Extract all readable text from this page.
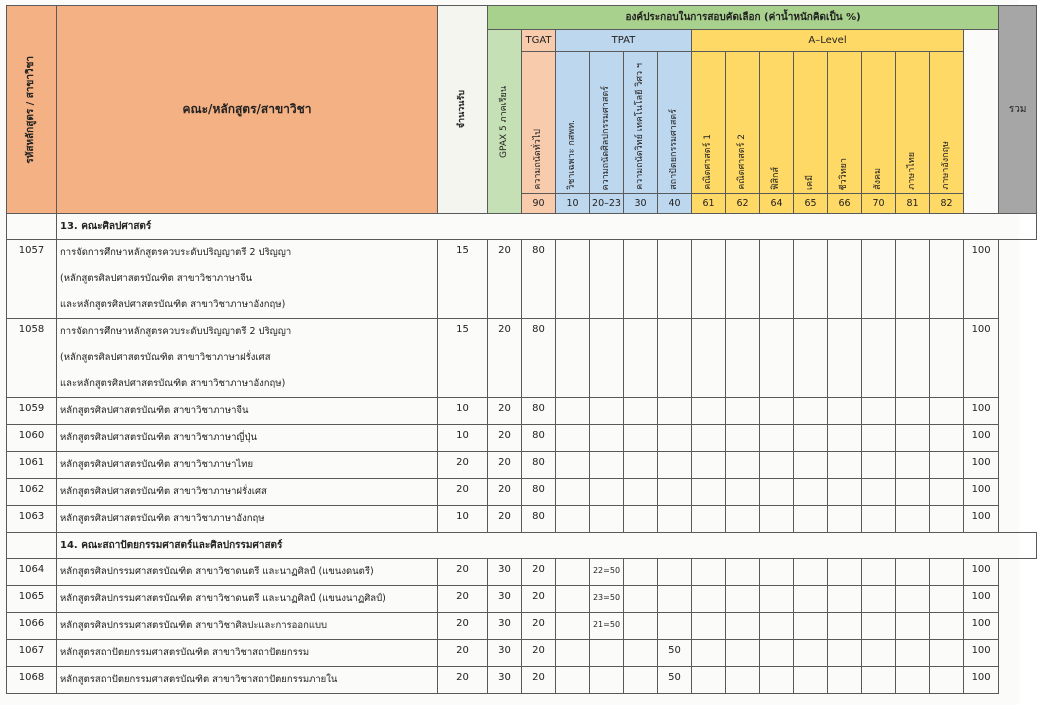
รหัสหลักสูตร / สาขาวิชา	คณะ/หลักสูตร/สาขาวิชา	จำนวนรับ	องค์ประกอบในการสอบคัดเลือก (ค่าน้ำหนักคิดเป็น %)															รวม

			GPAX 5 ภาคเรียน	TGAT	TPAT				A–Level									

				ความถนัดทั่วไป	วิชาเฉพาะ กสพท.	ความถนัดศิลปกรรมศาสตร์	ความถนัดวิทย์ เทคโนโลยี วิศว ฯ	สถาปัตยกรรมศาสตร์	คณิตศาสตร์ 1	คณิตศาสตร์ 2	ฟิสิกส์	เคมี	ชีววิทยา	สังคม	ภาษาไทย	ภาษาอังกฤษ		

				90	10	20–23	30	40	61	62	64	65	66	70	81	82		
	13. คณะศิลปศาสตร์																	
1057	การจัดการศึกษาหลักสูตรควบระดับปริญญาตรี 2 ปริญญา
(หลักสูตรศิลปศาสตรบัณฑิต สาขาวิชาภาษาจีน
และหลักสูตรศิลปศาสตรบัณฑิต สาขาวิชาภาษาอังกฤษ)	15	20	80													100	
1058	การจัดการศึกษาหลักสูตรควบระดับปริญญาตรี 2 ปริญญา
(หลักสูตรศิลปศาสตรบัณฑิต สาขาวิชาภาษาฝรั่งเศส
และหลักสูตรศิลปศาสตรบัณฑิต สาขาวิชาภาษาอังกฤษ)	15	20	80													100	
1059	หลักสูตรศิลปศาสตรบัณฑิต สาขาวิชาภาษาจีน	10	20	80													100	
1060	หลักสูตรศิลปศาสตรบัณฑิต สาขาวิชาภาษาญี่ปุ่น	10	20	80													100	
1061	หลักสูตรศิลปศาสตรบัณฑิต สาขาวิชาภาษาไทย	20	20	80													100	
1062	หลักสูตรศิลปศาสตรบัณฑิต สาขาวิชาภาษาฝรั่งเศส	20	20	80													100	
1063	หลักสูตรศิลปศาสตรบัณฑิต สาขาวิชาภาษาอังกฤษ	10	20	80													100	
	14. คณะสถาปัตยกรรมศาสตร์และศิลปกรรมศาสตร์																	
1064	หลักสูตรศิลปกรรมศาสตรบัณฑิต สาขาวิชาดนตรี และนาฏศิลป์ (แขนงดนตรี)	20	30	20		22=50											100	
1065	หลักสูตรศิลปกรรมศาสตรบัณฑิต สาขาวิชาดนตรี และนาฏศิลป์ (แขนงนาฏศิลป์)	20	30	20		23=50											100	
1066	หลักสูตรศิลปกรรมศาสตรบัณฑิต สาขาวิชาศิลปะและการออกแบบ	20	30	20		21=50											100	
1067	หลักสูตรสถาปัตยกรรมศาสตรบัณฑิต สาขาวิชาสถาปัตยกรรม	20	30	20				50									100	
1068	หลักสูตรสถาปัตยกรรมศาสตรบัณฑิต สาขาวิชาสถาปัตยกรรมภายใน	20	30	20				50									100	
